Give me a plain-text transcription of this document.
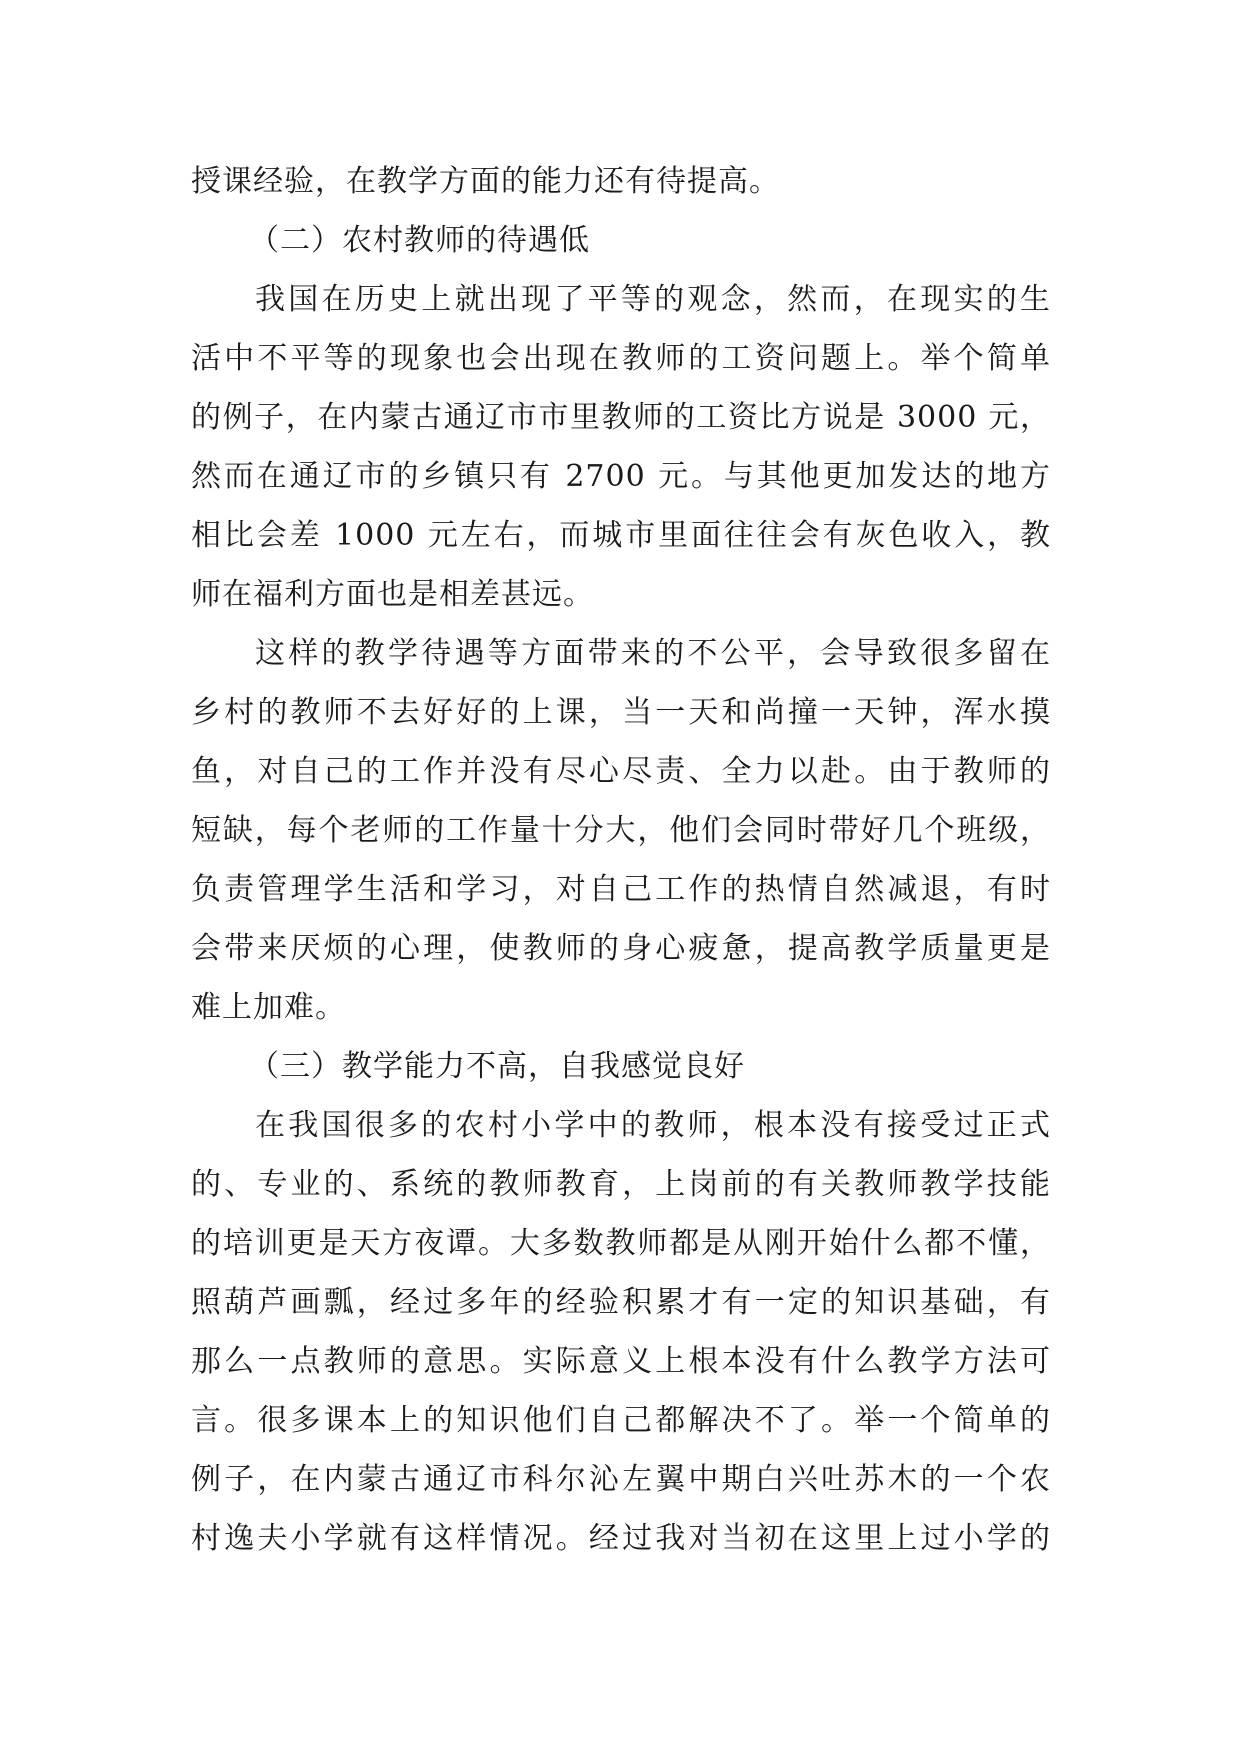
授课经验，在教学方面的能力还有待提高。
（二）农村教师的待遇低
我国在历史上就出现了平等的观念，然而，在现实的生
活中不平等的现象也会出现在教师的工资问题上。举个简单
的例子，在内蒙古通辽市市里教师的工资比方说是 3000 元，
然而在通辽市的乡镇只有 2700 元。与其他更加发达的地方
相比会差 1000 元左右，而城市里面往往会有灰色收入，教
师在福利方面也是相差甚远。
这样的教学待遇等方面带来的不公平，会导致很多留在
乡村的教师不去好好的上课，当一天和尚撞一天钟，浑水摸
鱼，对自己的工作并没有尽心尽责、全力以赴。由于教师的
短缺，每个老师的工作量十分大，他们会同时带好几个班级，
负责管理学生活和学习，对自己工作的热情自然减退，有时
会带来厌烦的心理，使教师的身心疲惫，提高教学质量更是
难上加难。
（三）教学能力不高，自我感觉良好
在我国很多的农村小学中的教师，根本没有接受过正式
的、专业的、系统的教师教育，上岗前的有关教师教学技能
的培训更是天方夜谭。大多数教师都是从刚开始什么都不懂，
照葫芦画瓢，经过多年的经验积累才有一定的知识基础，有
那么一点教师的意思。实际意义上根本没有什么教学方法可
言。很多课本上的知识他们自己都解决不了。举一个简单的
例子，在内蒙古通辽市科尔沁左翼中期白兴吐苏木的一个农
村逸夫小学就有这样情况。经过我对当初在这里上过小学的
